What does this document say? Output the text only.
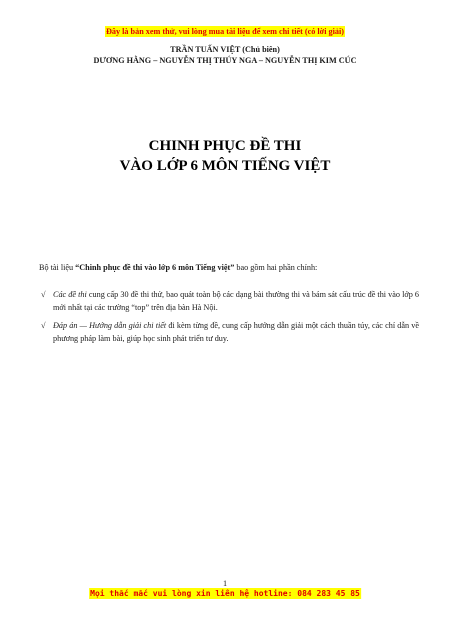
Đây là bản xem thử, vui lòng mua tài liệu để xem chi tiết (có lời giải)
TRẦN TUẤN VIỆT (Chủ biên)
DƯƠNG HẰNG – NGUYỄN THỊ THÚY NGA – NGUYỄN THỊ KIM CÚC
CHINH PHỤC ĐỀ THI
VÀO LỚP 6 MÔN TIẾNG VIỆT
Bộ tài liệu “Chinh phục đề thi vào lớp 6 môn Tiếng việt” bao gồm hai phần chính:
√ Các đề thi cung cấp 30 đề thi thử, bao quát toàn bộ các dạng bài thường thi và bám sát cấu trúc đề thi vào lớp 6 mới nhất tại các trường “top” trên địa bàn Hà Nội.
√ Đáp án — Hướng dẫn giải chi tiết đi kèm từng đề, cung cấp hướng dẫn giải một cách thuần túy, các chỉ dẫn về phương pháp làm bài, giúp học sinh phát triển tư duy.
1
Mọi thắc mắc vui lòng xin liên hệ hotline: 084 283 45 85
